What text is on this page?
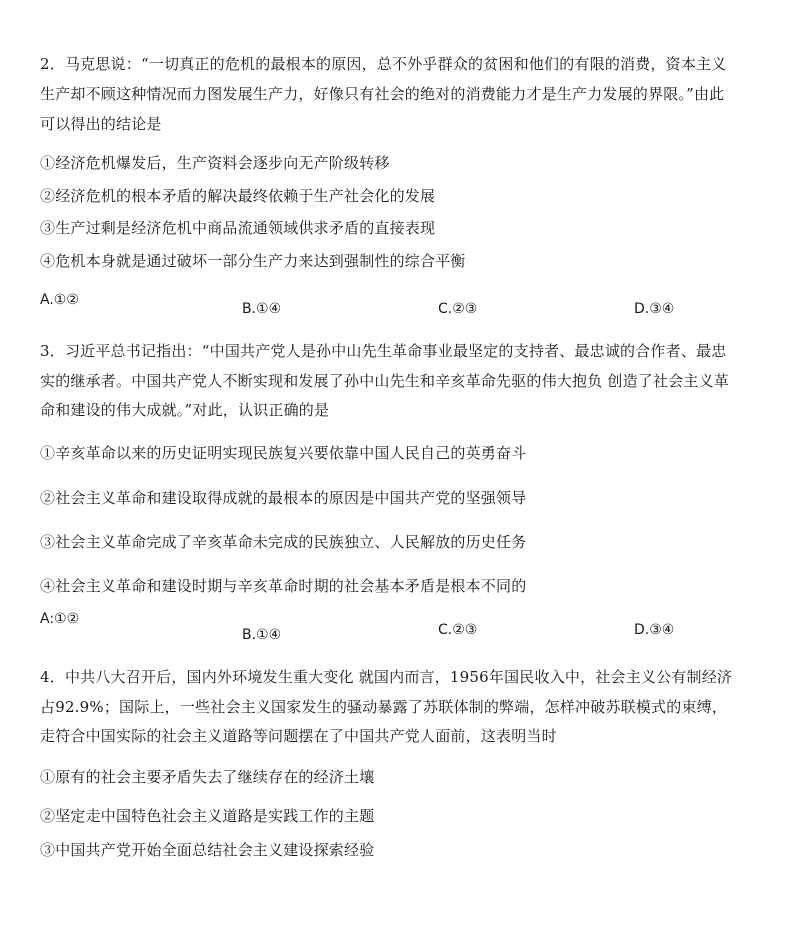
2．马克思说：“一切真正的危机的最根本的原因，总不外乎群众的贫困和他们的有限的消费，资本主义
生产却不顾这种情况而力图发展生产力，好像只有社会的绝对的消费能力才是生产力发展的界限。”由此
可以得出的结论是
①经济危机爆发后，生产资料会逐步向无产阶级转移
②经济危机的根本矛盾的解决最终依赖于生产社会化的发展
③生产过剩是经济危机中商品流通领域供求矛盾的直接表现
④危机本身就是通过破坏一部分生产力来达到强制性的综合平衡
A.①②
B.①④	C.②③	D.③④
3．习近平总书记指出：“中国共产党人是孙中山先生革命事业最坚定的支持者、最忠诚的合作者、最忠
实的继承者。中国共产党人不断实现和发展了孙中山先生和辛亥革命先驱的伟大抱负 创造了社会主义革
命和建设的伟大成就。”对此，认识正确的是
①辛亥革命以来的历史证明实现民族复兴要依靠中国人民自己的英勇奋斗
②社会主义革命和建设取得成就的最根本的原因是中国共产党的坚强领导
③社会主义革命完成了辛亥革命未完成的民族独立、人民解放的历史任务
④社会主义革命和建设时期与辛亥革命时期的社会基本矛盾是根本不同的
A:①②
B.①④	C.②③	D.③④
4．中共八大召开后，国内外环境发生重大变化 就国内而言，1956年国民收入中，社会主义公有制经济
占92.9%；国际上，一些社会主义国家发生的骚动暴露了苏联体制的弊端，怎样冲破苏联模式的束缚，
走符合中国实际的社会主义道路等问题摆在了中国共产党人面前，这表明当时
①原有的社会主要矛盾失去了继续存在的经济土壤
②坚定走中国特色社会主义道路是实践工作的主题
③中国共产党开始全面总结社会主义建设探索经验
